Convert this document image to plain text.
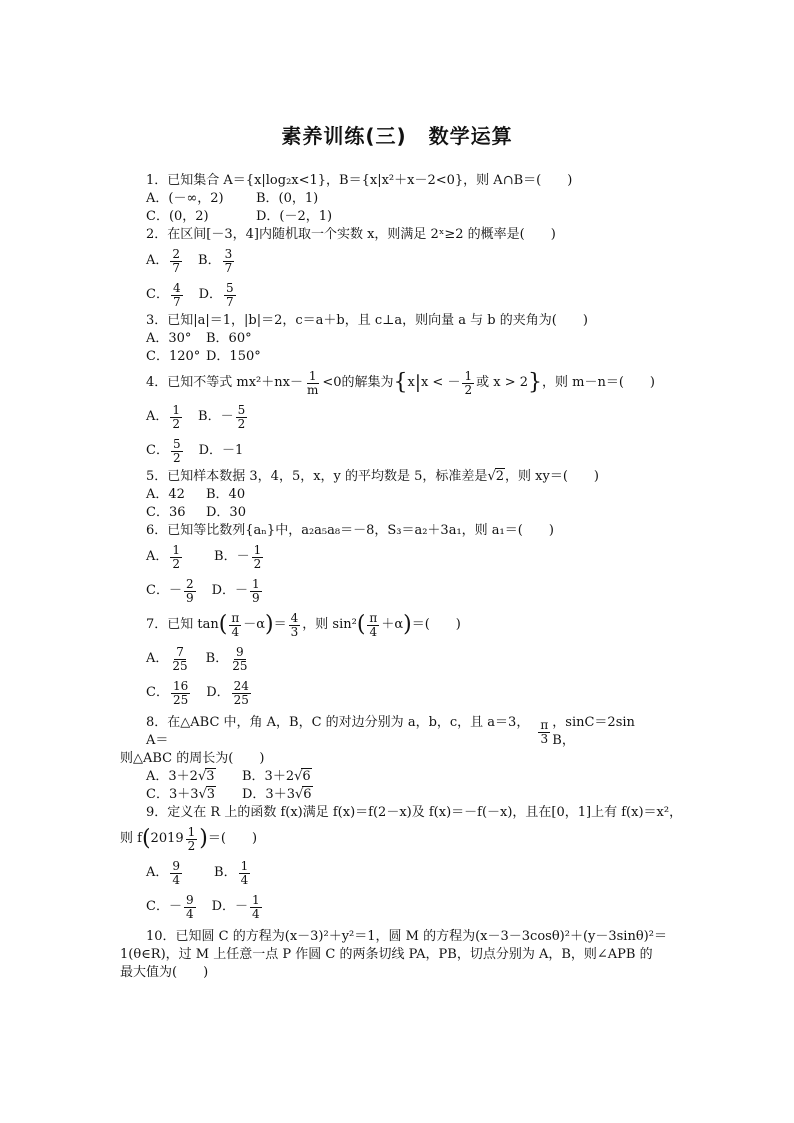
素养训练(三) 数学运算
1．已知集合 A＝{x|log₂x<1}，B＝{x|x²＋x－2<0}，则 A∩B＝(　　)
A．(－∞，2)	B．(0，1)
C．(0，2)	D．(－2，1)
2．在区间[－3，4]内随机取一个实数 x，则满足 2ˣ≥2 的概率是(　　)
A． $\frac{2}{7}$ B． $\frac{3}{7}$
C． $\frac{4}{7}$ D． $\frac{5}{7}$
3．已知|a|＝1，|b|＝2，c＝a＋b，且 c⊥a，则向量 a 与 b 的夹角为(　　)
A．30°	B．60°
C．120° D．150°
4．已知不等式 $mx^2+nx- \frac{1}{m} <0$的解集为 { x | x < － $\frac{1}{2}$ 或 x > 2 } ，则 m－n＝(　　)
A． $\frac{1}{2}$ B．－ $\frac{5}{2}$
C． $\frac{5}{2}$ D．－1
5．已知样本数据 3，4，5，x，y 的平均数是 5，标准差是√2，则 xy＝(　　)
A．42	B．40
C．36	D．30
6．已知等比数列{aₙ}中，a₂a₅a₈＝－8，S₃＝a₂＋3a₁，则 a₁＝(　　)
A． $\frac{1}{2}$ B．－ $\frac{1}{2}$
C．－ $\frac{2}{9}$ D．－ $\frac{1}{9}$
7．已知 tan ( $\frac{\pi}{4} -\alpha$ ) ＝ $\frac{4}{3}$ ，则 sin² ( $\frac{\pi}{4} +\alpha$ ) ＝(　　)
A． $\frac{7}{25}$ B． $\frac{9}{25}$
C． $\frac{16}{25}$ D． $\frac{24}{25}$
8．在△ABC 中，角 A，B，C 的对边分别为 a，b，c，且 a＝3，A＝	$\frac{\pi}{3}$ ，sinC＝2sin　B，
则△ABC 的周长为(　　)
A．3＋2√3	B．3＋2√6
C．3＋3√3	D．3＋3√6
9．定义在 R 上的函数 f(x)满足 f(x)＝f(2－x)及 f(x)＝－f(－x)，且在[0，1]上有 f(x)＝x²，
则 f ( $2019 \frac{1}{2}$ ) ＝(　　)
A． $\frac{9}{4}$ B． $\frac{1}{4}$
C．－ $\frac{9}{4}$ D．－ $\frac{1}{4}$
10．已知圆 C 的方程为(x－3)²＋y²＝1，圆 M 的方程为(x－3－3cosθ)²＋(y－3sinθ)²＝
1(θ∈R)，过 M 上任意一点 P 作圆 C 的两条切线 PA，PB，切点分别为 A，B，则∠APB 的
最大值为(　　)
